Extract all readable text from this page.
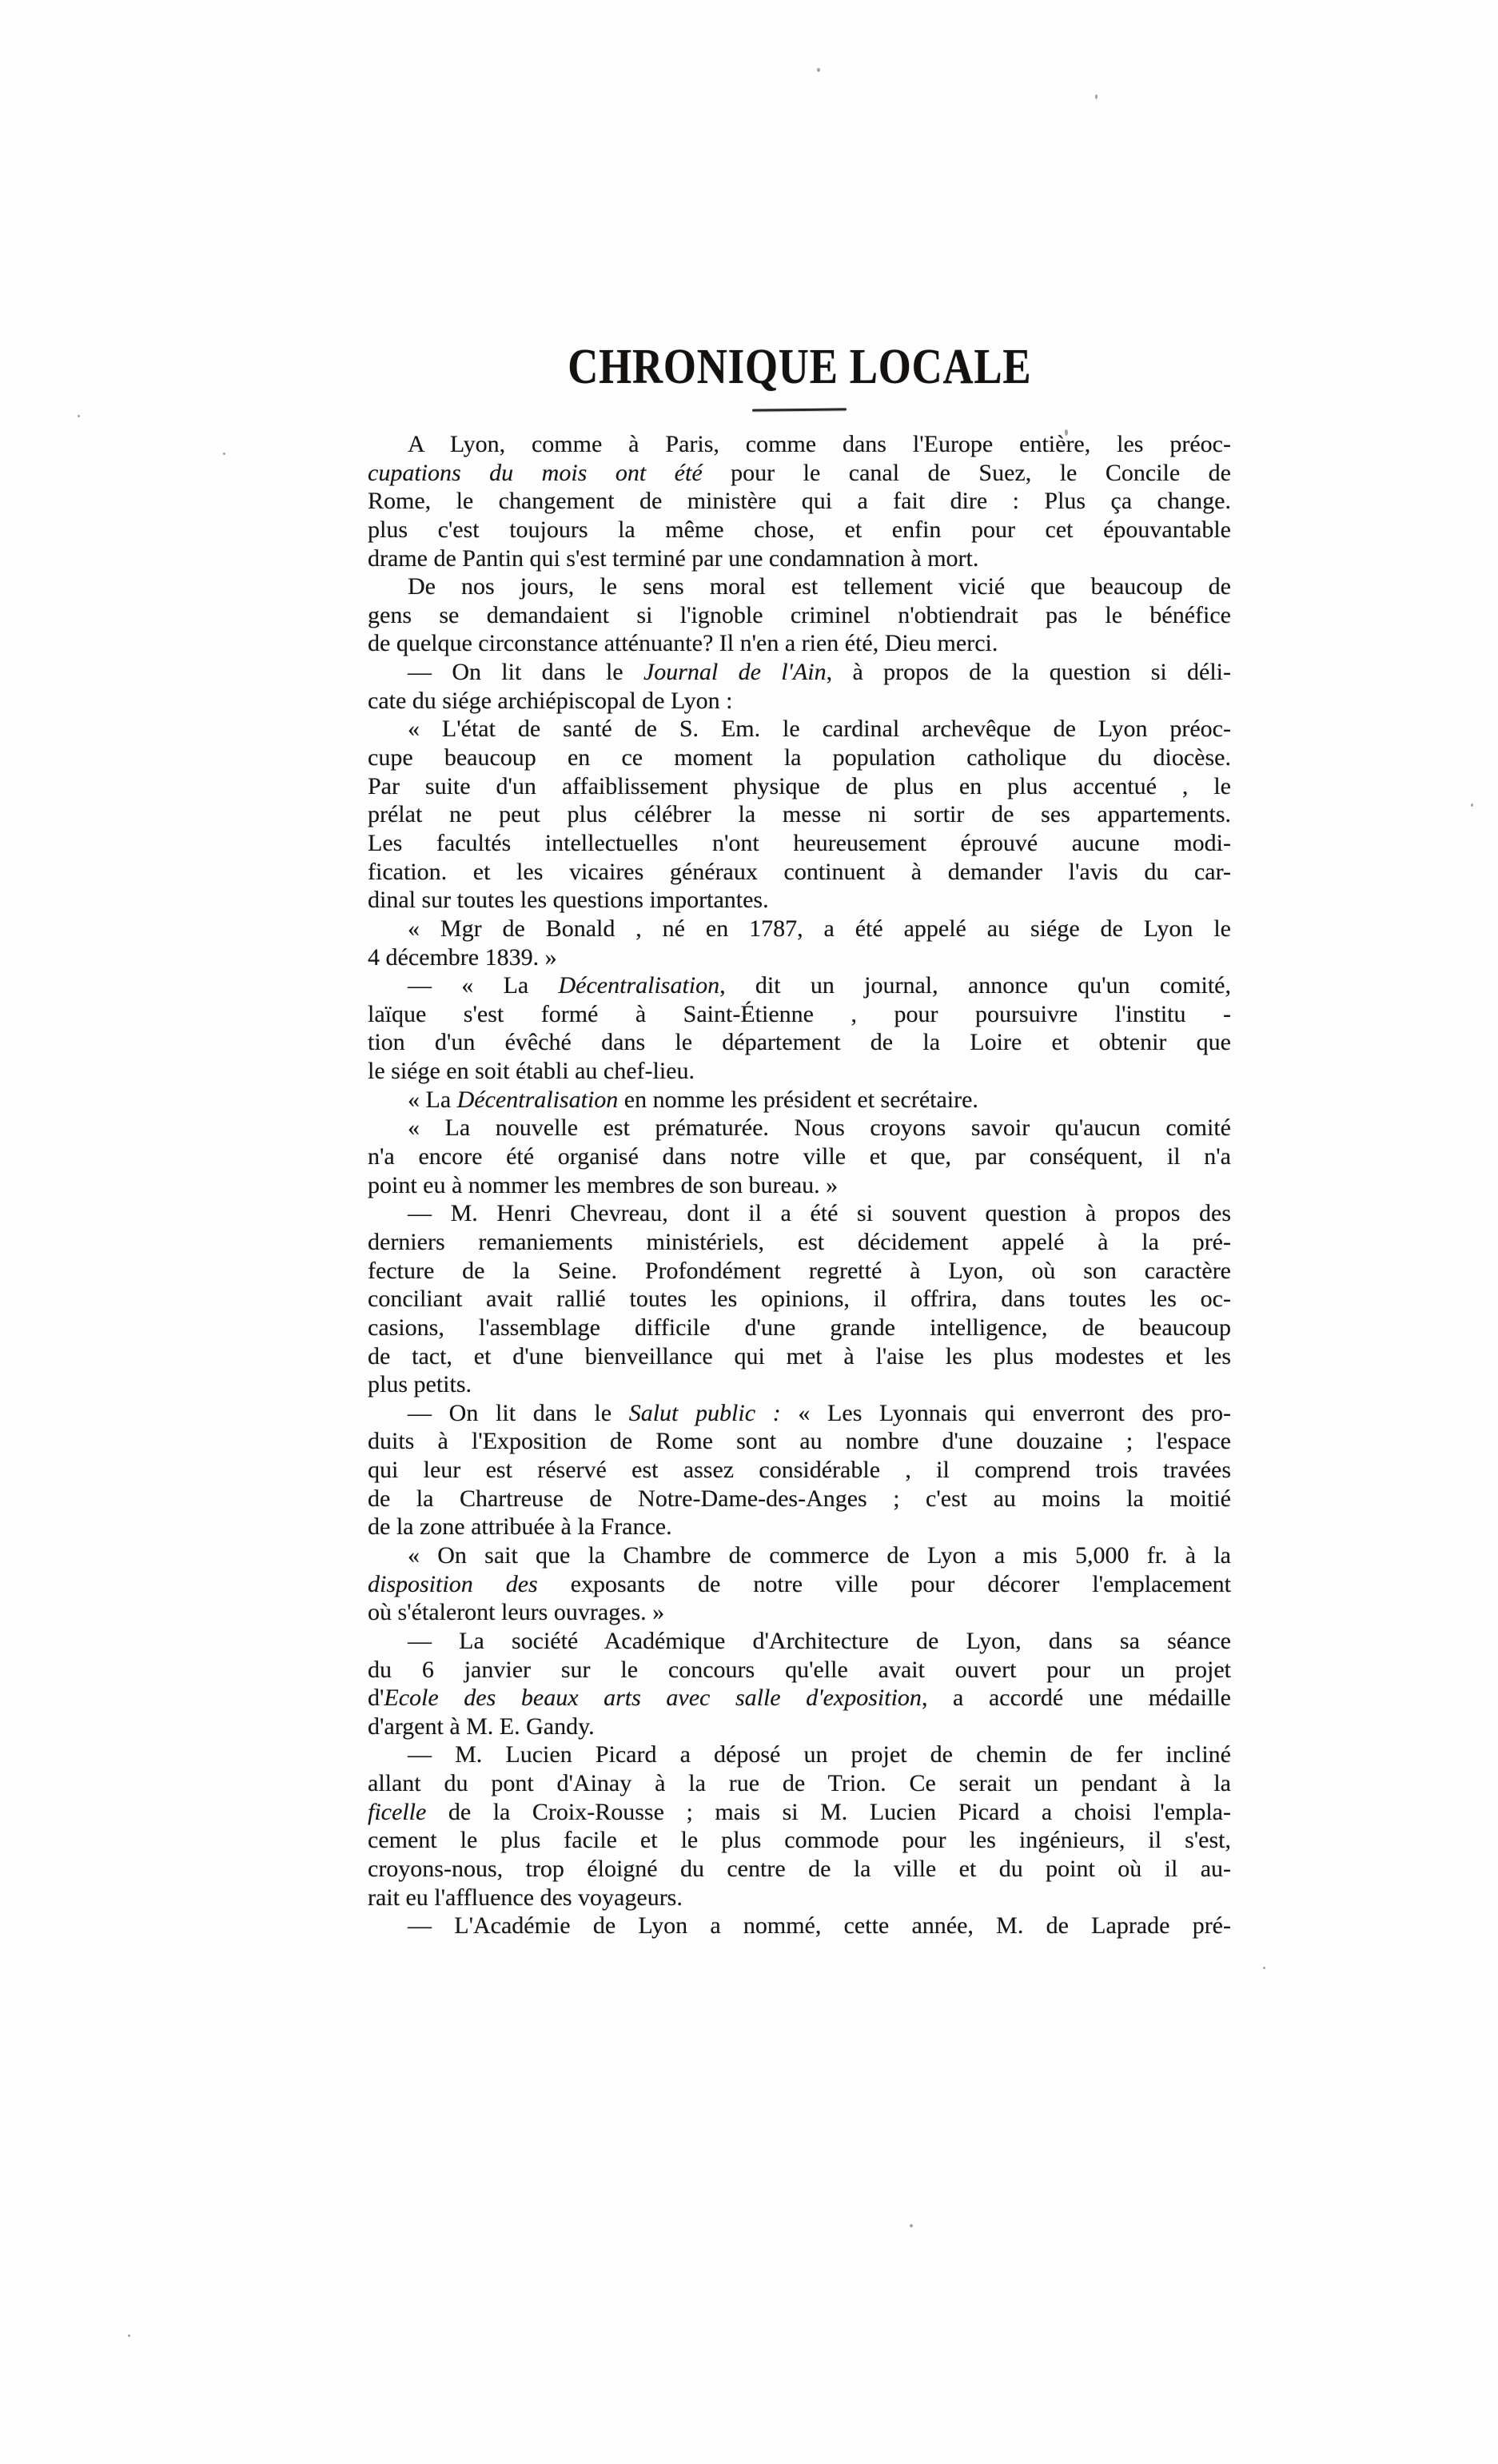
CHRONIQUE LOCALE
A Lyon, comme à Paris, comme dans l'Europe entière, les préoc-
cupations du mois ont été pour le canal de Suez, le Concile de
Rome, le changement de ministère qui a fait dire : Plus ça change.
plus c'est toujours la même chose, et enfin pour cet épouvantable
drame de Pantin qui s'est terminé par une condamnation à mort.
De nos jours, le sens moral est tellement vicié que beaucoup de
gens se demandaient si l'ignoble criminel n'obtiendrait pas le bénéfice
de quelque circonstance atténuante? Il n'en a rien été, Dieu merci.
— On lit dans le Journal de l'Ain, à propos de la question si déli-
cate du siége archiépiscopal de Lyon :
« L'état de santé de S. Em. le cardinal archevêque de Lyon préoc-
cupe beaucoup en ce moment la population catholique du diocèse.
Par suite d'un affaiblissement physique de plus en plus accentué , le
prélat ne peut plus célébrer la messe ni sortir de ses appartements.
Les facultés intellectuelles n'ont heureusement éprouvé aucune modi-
fication. et les vicaires généraux continuent à demander l'avis du car-
dinal sur toutes les questions importantes.
« Mgr de Bonald , né en 1787, a été appelé au siége de Lyon le
4 décembre 1839. »
— « La Décentralisation, dit un journal, annonce qu'un comité,
laïque s'est formé à Saint-Étienne , pour poursuivre l'institu -
tion d'un évêché dans le département de la Loire et obtenir que
le siége en soit établi au chef-lieu.
« La Décentralisation en nomme les président et secrétaire.
« La nouvelle est prématurée. Nous croyons savoir qu'aucun comité
n'a encore été organisé dans notre ville et que, par conséquent, il n'a
point eu à nommer les membres de son bureau. »
— M. Henri Chevreau, dont il a été si souvent question à propos des
derniers remaniements ministériels, est décidement appelé à la pré-
fecture de la Seine. Profondément regretté à Lyon, où son caractère
conciliant avait rallié toutes les opinions, il offrira, dans toutes les oc-
casions, l'assemblage difficile d'une grande intelligence, de beaucoup
de tact, et d'une bienveillance qui met à l'aise les plus modestes et les
plus petits.
— On lit dans le Salut public : « Les Lyonnais qui enverront des pro-
duits à l'Exposition de Rome sont au nombre d'une douzaine ; l'espace
qui leur est réservé est assez considérable , il comprend trois travées
de la Chartreuse de Notre-Dame-des-Anges ; c'est au moins la moitié
de la zone attribuée à la France.
« On sait que la Chambre de commerce de Lyon a mis 5,000 fr. à la
disposition des exposants de notre ville pour décorer l'emplacement
où s'étaleront leurs ouvrages. »
— La société Académique d'Architecture de Lyon, dans sa séance
du 6 janvier sur le concours qu'elle avait ouvert pour un projet
d'Ecole des beaux arts avec salle d'exposition, a accordé une médaille
d'argent à M. E. Gandy.
— M. Lucien Picard a déposé un projet de chemin de fer incliné
allant du pont d'Ainay à la rue de Trion. Ce serait un pendant à la
ficelle de la Croix-Rousse ; mais si M. Lucien Picard a choisi l'empla-
cement le plus facile et le plus commode pour les ingénieurs, il s'est,
croyons-nous, trop éloigné du centre de la ville et du point où il au-
rait eu l'affluence des voyageurs.
— L'Académie de Lyon a nommé, cette année, M. de Laprade pré-
